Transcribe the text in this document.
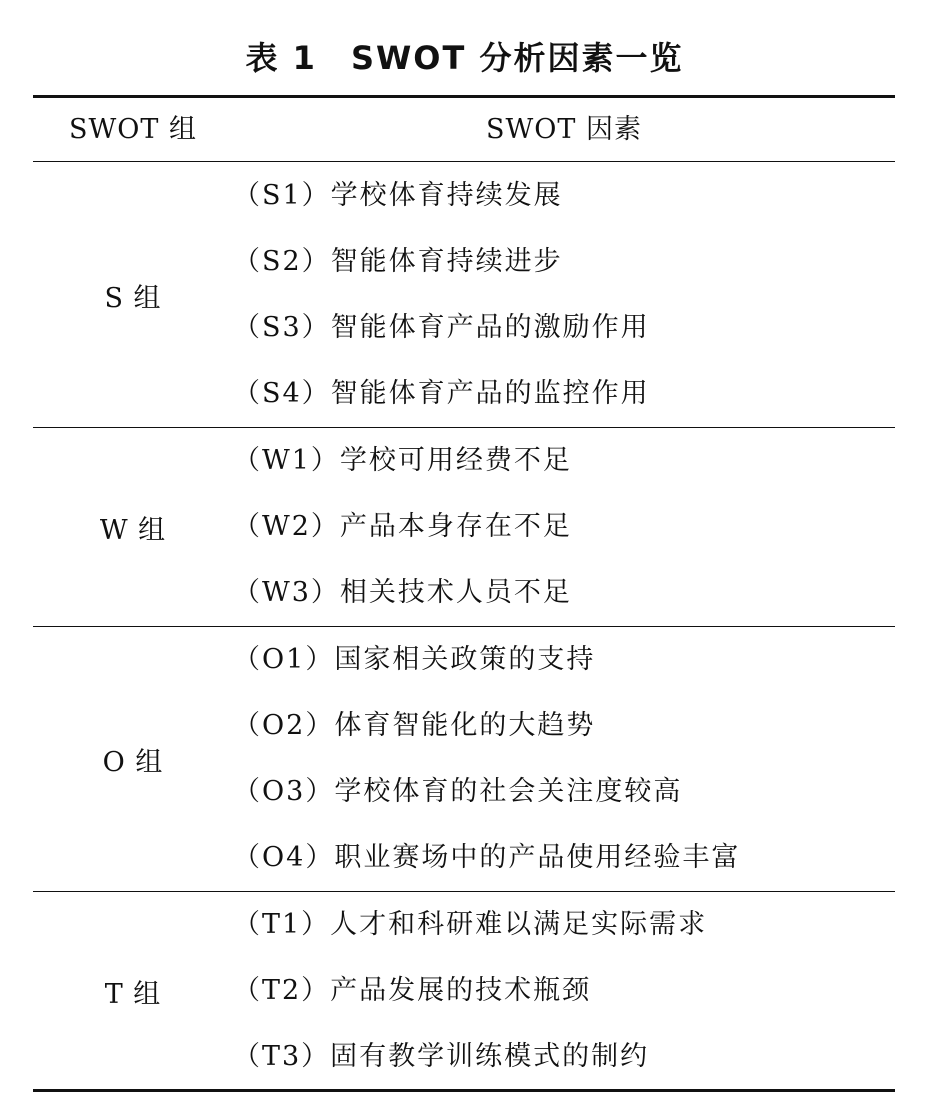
表 1　SWOT 分析因素一览
SWOT 组	SWOT 因素
S 组	（S1）学校体育持续发展
（S2）智能体育持续进步
（S3）智能体育产品的激励作用
（S4）智能体育产品的监控作用

W 组	（W1）学校可用经费不足
（W2）产品本身存在不足
（W3）相关技术人员不足

O 组	（O1）国家相关政策的支持
（O2）体育智能化的大趋势
（O3）学校体育的社会关注度较高
（O4）职业赛场中的产品使用经验丰富

T 组	（T1）人才和科研难以满足实际需求
（T2）产品发展的技术瓶颈
（T3）固有教学训练模式的制约
